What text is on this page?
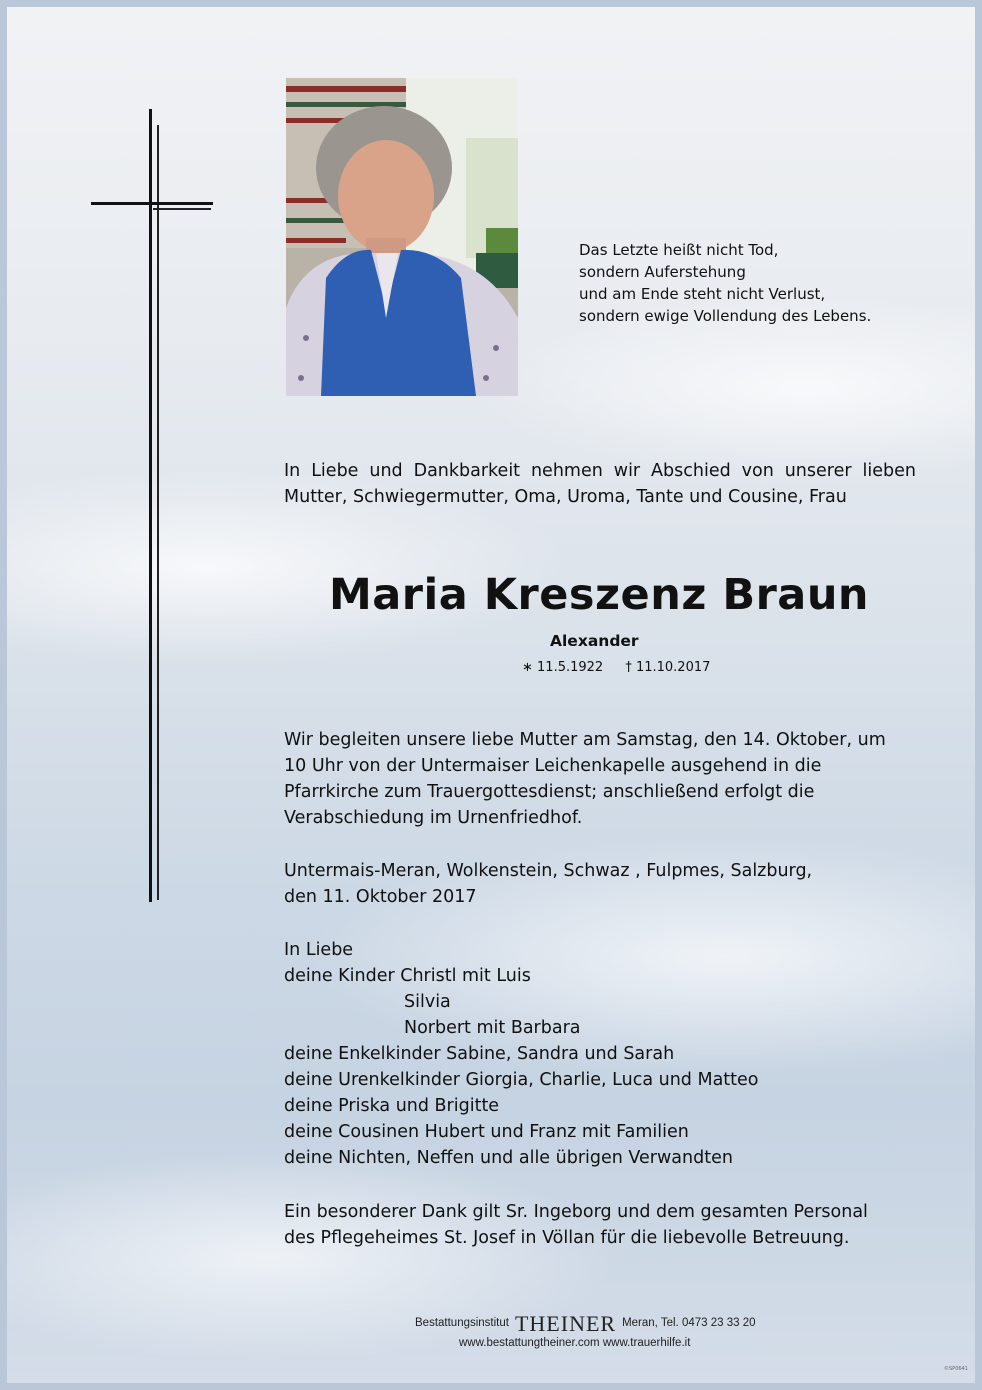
Das Letzte heißt nicht Tod,
sondern Auferstehung
und am Ende steht nicht Verlust,
sondern ewige Vollendung des Lebens.
In Liebe und Dankbarkeit nehmen wir Abschied von unserer lieben
Mutter, Schwiegermutter, Oma, Uroma, Tante und Cousine, Frau
Maria Kreszenz Braun
Alexander
∗ 11.5.1922 † 11.10.2017
Wir begleiten unsere liebe Mutter am Samstag, den 14. Oktober, um
10 Uhr von der Untermaiser Leichenkapelle ausgehend in die
Pfarrkirche zum Trauergottesdienst; anschließend erfolgt die
Verabschiedung im Urnenfriedhof.
Untermais-Meran, Wolkenstein, Schwaz , Fulpmes, Salzburg,
den 11. Oktober 2017
In Liebe
deine Kinder Christl mit Luis
Silvia
Norbert mit Barbara
deine Enkelkinder Sabine, Sandra und Sarah
deine Urenkelkinder Giorgia, Charlie, Luca und Matteo
deine Priska und Brigitte
deine Cousinen Hubert und Franz mit Familien
deine Nichten, Neffen und alle übrigen Verwandten
Ein besonderer Dank gilt Sr. Ingeborg und dem gesamten Personal
des Pflegeheimes St. Josef in Völlan für die liebevolle Betreuung.
Bestattungsinstitut THEINER Meran, Tel. 0473 23 33 20
www.bestattungtheiner.com www.trauerhilfe.it
©SP0641
